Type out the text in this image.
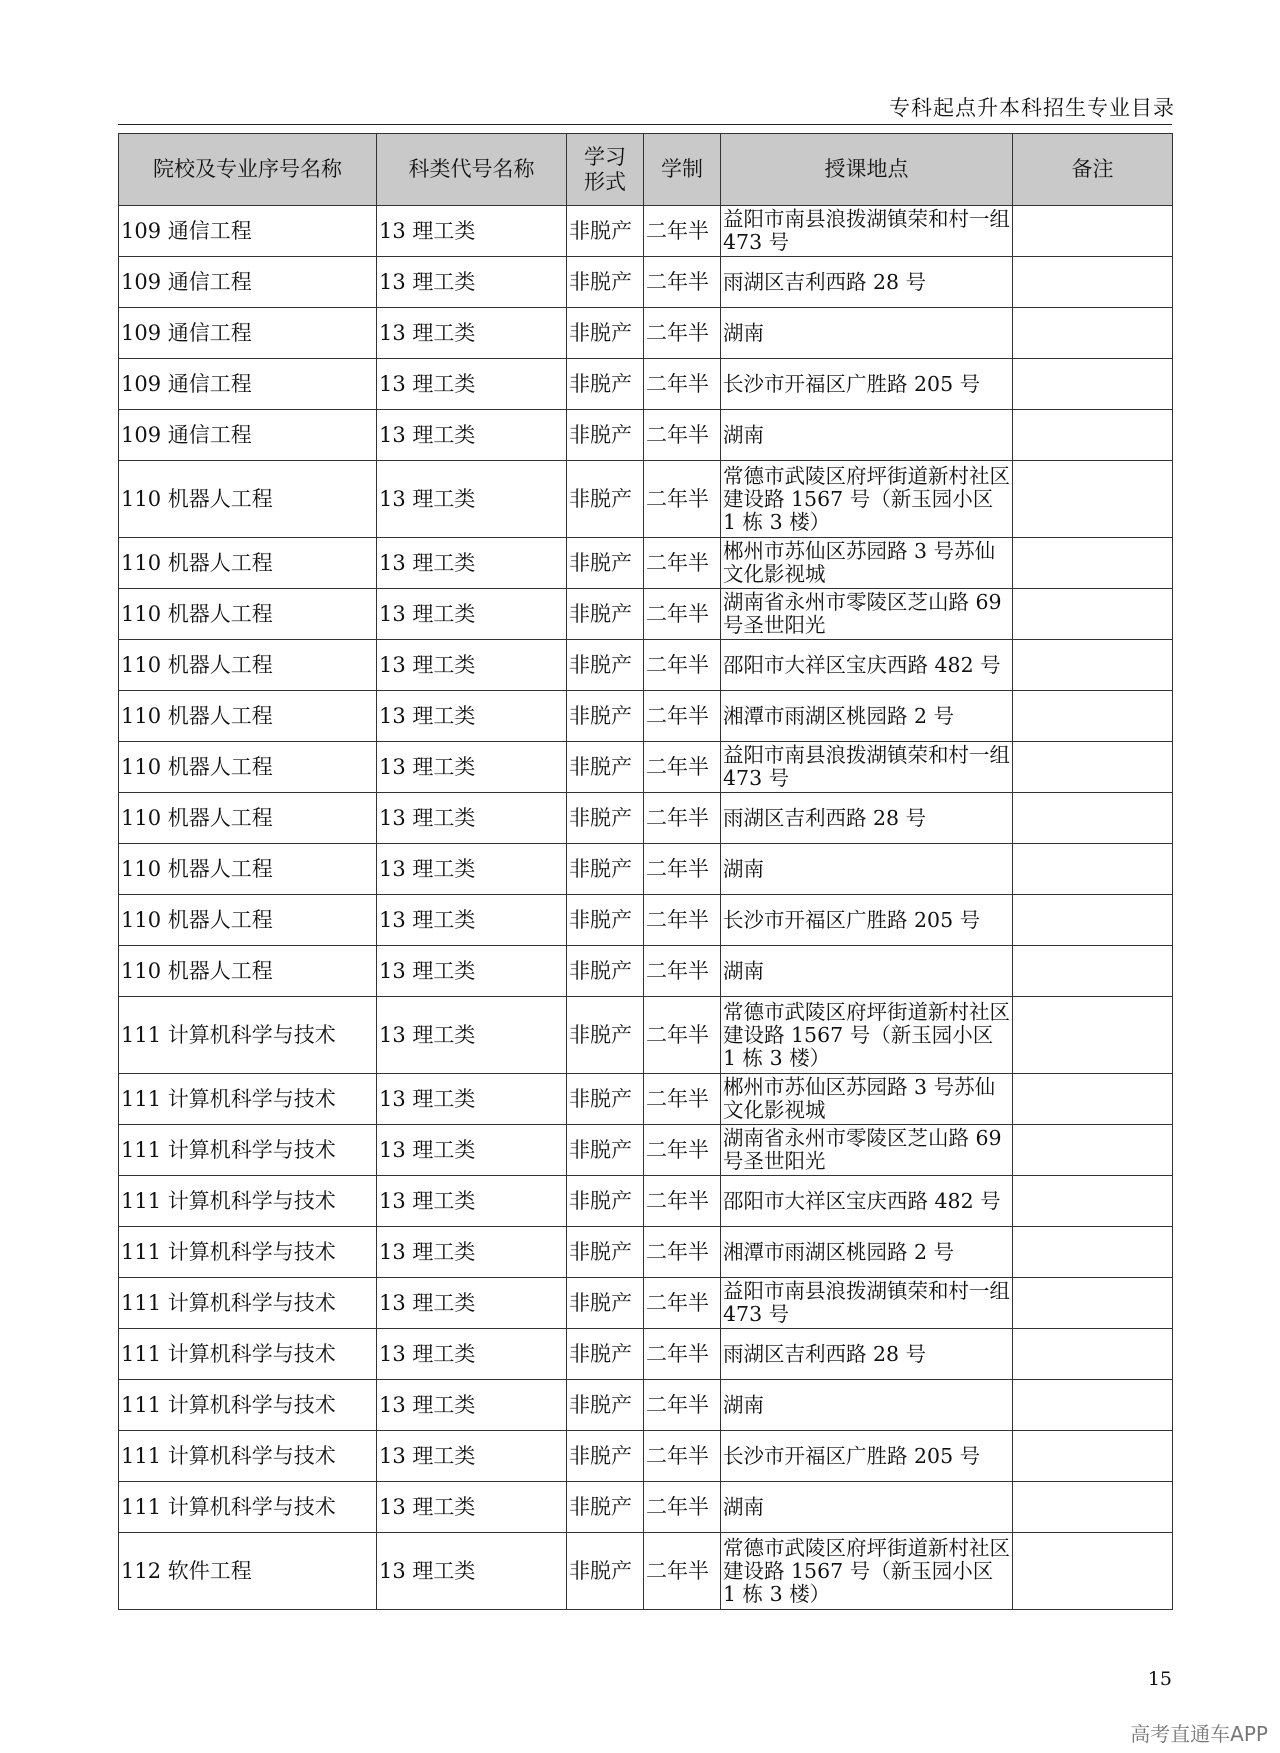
专科起点升本科招生专业目录
院校及专业序号名称	科类代号名称	学习形式	学制	授课地点	备注
109 通信工程	13 理工类	非脱产	二年半	益阳市南县浪拨湖镇荣和村一组 473 号	
109 通信工程	13 理工类	非脱产	二年半	雨湖区吉利西路 28 号	
109 通信工程	13 理工类	非脱产	二年半	湖南	
109 通信工程	13 理工类	非脱产	二年半	长沙市开福区广胜路 205 号	
109 通信工程	13 理工类	非脱产	二年半	湖南	
110 机器人工程	13 理工类	非脱产	二年半	常德市武陵区府坪街道新村社区建设路 1567 号（新玉园小区 1 栋 3 楼）	
110 机器人工程	13 理工类	非脱产	二年半	郴州市苏仙区苏园路 3 号苏仙文化影视城	
110 机器人工程	13 理工类	非脱产	二年半	湖南省永州市零陵区芝山路 69 号圣世阳光	
110 机器人工程	13 理工类	非脱产	二年半	邵阳市大祥区宝庆西路 482 号	
110 机器人工程	13 理工类	非脱产	二年半	湘潭市雨湖区桃园路 2 号	
110 机器人工程	13 理工类	非脱产	二年半	益阳市南县浪拨湖镇荣和村一组 473 号	
110 机器人工程	13 理工类	非脱产	二年半	雨湖区吉利西路 28 号	
110 机器人工程	13 理工类	非脱产	二年半	湖南	
110 机器人工程	13 理工类	非脱产	二年半	长沙市开福区广胜路 205 号	
110 机器人工程	13 理工类	非脱产	二年半	湖南	
111 计算机科学与技术	13 理工类	非脱产	二年半	常德市武陵区府坪街道新村社区建设路 1567 号（新玉园小区 1 栋 3 楼）	
111 计算机科学与技术	13 理工类	非脱产	二年半	郴州市苏仙区苏园路 3 号苏仙文化影视城	
111 计算机科学与技术	13 理工类	非脱产	二年半	湖南省永州市零陵区芝山路 69 号圣世阳光	
111 计算机科学与技术	13 理工类	非脱产	二年半	邵阳市大祥区宝庆西路 482 号	
111 计算机科学与技术	13 理工类	非脱产	二年半	湘潭市雨湖区桃园路 2 号	
111 计算机科学与技术	13 理工类	非脱产	二年半	益阳市南县浪拨湖镇荣和村一组 473 号	
111 计算机科学与技术	13 理工类	非脱产	二年半	雨湖区吉利西路 28 号	
111 计算机科学与技术	13 理工类	非脱产	二年半	湖南	
111 计算机科学与技术	13 理工类	非脱产	二年半	长沙市开福区广胜路 205 号	
111 计算机科学与技术	13 理工类	非脱产	二年半	湖南	
112 软件工程	13 理工类	非脱产	二年半	常德市武陵区府坪街道新村社区建设路 1567 号（新玉园小区 1 栋 3 楼）	
15
高考直通车APP
